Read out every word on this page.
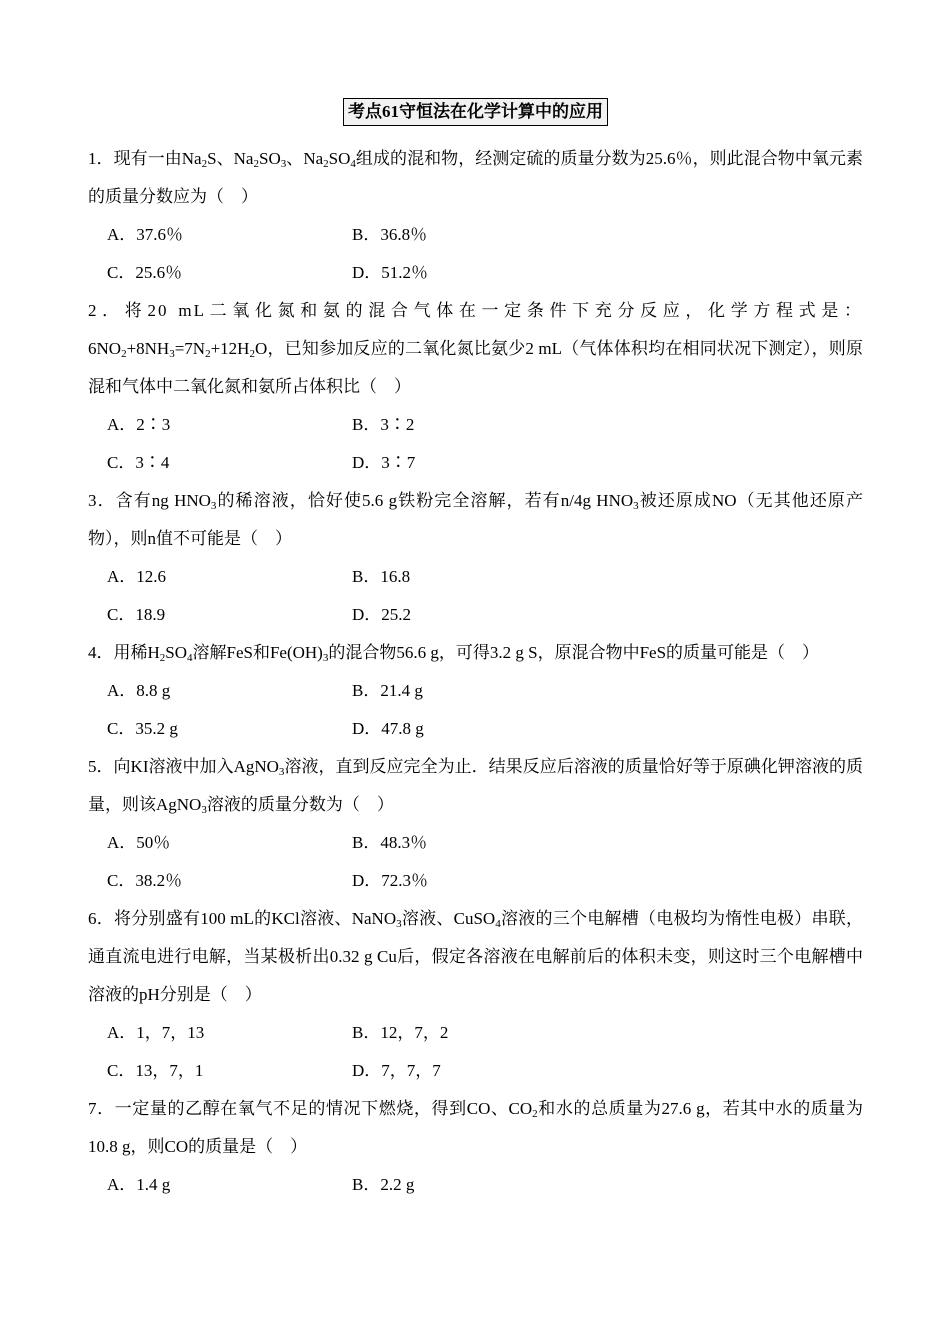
考点61守恒法在化学计算中的应用

1．现有一由$Na_2S$、$Na_2SO_3$、$Na_2SO_4$组成的混和物，经测定硫的质量分数为25.6％，则此混合物中氧元素的质量分数应为（　）

A．37.6％	B．36.8％
C．25.6％	D．51.2％

2．将20 mL二氧化氮和氨的混合气体在一定条件下充分反应，化学方程式是：

$6NO_2+8NH_3=7N_2+12H_2O$，已知参加反应的二氧化氮比氨少2 mL（气体体积均在相同状况下测定），则原混和气体中二氧化氮和氨所占体积比（　）

A．2∶3	B．3∶2
C．3∶4	D．3∶7

3．含有ng $HNO_3$的稀溶液，恰好使5.6 g铁粉完全溶解，若有n/4g $HNO_3$被还原成NO（无其他还原产物），则n值不可能是（　）

A．12.6	B．16.8
C．18.9	D．25.2

4．用稀$H_2SO_4$溶解FeS和$Fe(OH)_3$的混合物56.6 g，可得3.2 g S，原混合物中FeS的质量可能是（　）

A．8.8 g	B．21.4 g
C．35.2 g	D．47.8 g

5．向KI溶液中加入AgNO$_3$溶液，直到反应完全为止．结果反应后溶液的质量恰好等于原碘化钾溶液的质量，则该AgNO$_3$溶液的质量分数为（　）

A．50％	B．48.3％
C．38.2％	D．72.3％

6．将分别盛有100 mL的KCl溶液、NaNO$_3$溶液、CuSO$_4$溶液的三个电解槽（电极均为惰性电极）串联，通直流电进行电解，当某极析出0.32 g Cu后，假定各溶液在电解前后的体积未变，则这时三个电解槽中溶液的pH分别是（　）

A．1，7，13	B．12，7，2
C．13，7，1	D．7，7，7

7．一定量的乙醇在氧气不足的情况下燃烧，得到CO、$CO_2$和水的总质量为27.6 g，若其中水的质量为10.8 g，则CO的质量是（　）

A．1.4 g	B．2.2 g
